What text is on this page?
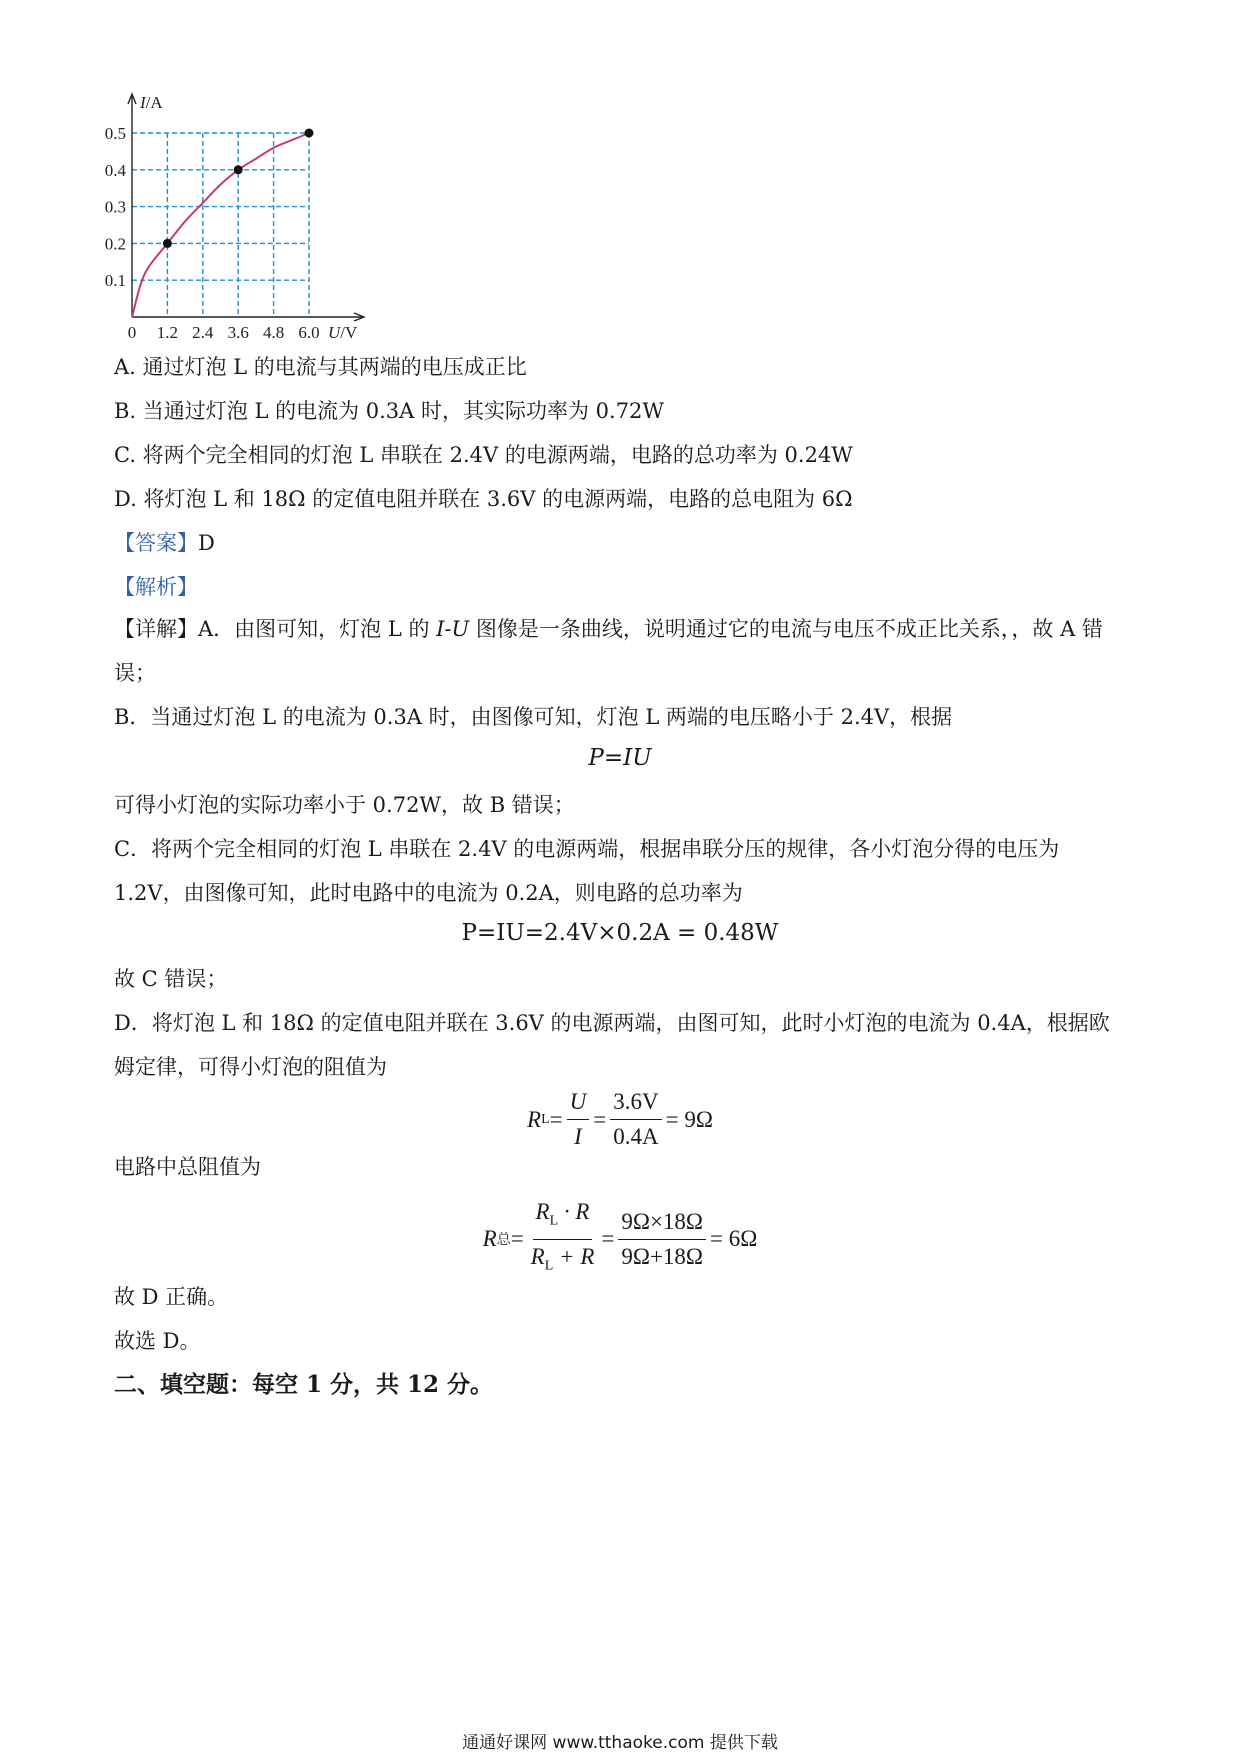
0 1.2 2.4 3.6 4.8 6.0
0.1
0.2
0.3
0.4
0.5
I/A
U/V
A. 通过灯泡 L 的电流与其两端的电压成正比
B. 当通过灯泡 L 的电流为 0.3A 时，其实际功率为 0.72W
C. 将两个完全相同的灯泡 L 串联在 2.4V 的电源两端，电路的总功率为 0.24W
D. 将灯泡 L 和 18Ω 的定值电阻并联在 3.6V 的电源两端，电路的总电阻为 6Ω
【答案】D
【解析】
【详解】A．由图可知，灯泡 L 的 I-U 图像是一条曲线，说明通过它的电流与电压不成正比关系，，故 A 错
误；
B．当通过灯泡 L 的电流为 0.3A 时，由图像可知，灯泡 L 两端的电压略小于 2.4V，根据
P=IU
可得小灯泡的实际功率小于 0.72W，故 B 错误；
C．将两个完全相同的灯泡 L 串联在 2.4V 的电源两端，根据串联分压的规律，各小灯泡分得的电压为
1.2V，由图像可知，此时电路中的电流为 0.2A，则电路的总功率为
P=IU=2.4V×0.2A = 0.48W
故 C 错误；
D．将灯泡 L 和 18Ω 的定值电阻并联在 3.6V 的电源两端，由图可知，此时小灯泡的电流为 0.4A，根据欧
姆定律，可得小灯泡的阻值为
R $L = \frac{U}{I} = \frac{3.6V}{0.4A} = 9\Omega$
电路中总阻值为
R 总 = $\frac{R_L \cdot R}{R_L + R} = \frac{9\Omega\times 18\Omega}{9\Omega+18\Omega} = 6\Omega$
故 D 正确。
故选 D。
二、填空题：每空 1 分，共 12 分。
通通好课网 www.tthaoke.com 提供下载
